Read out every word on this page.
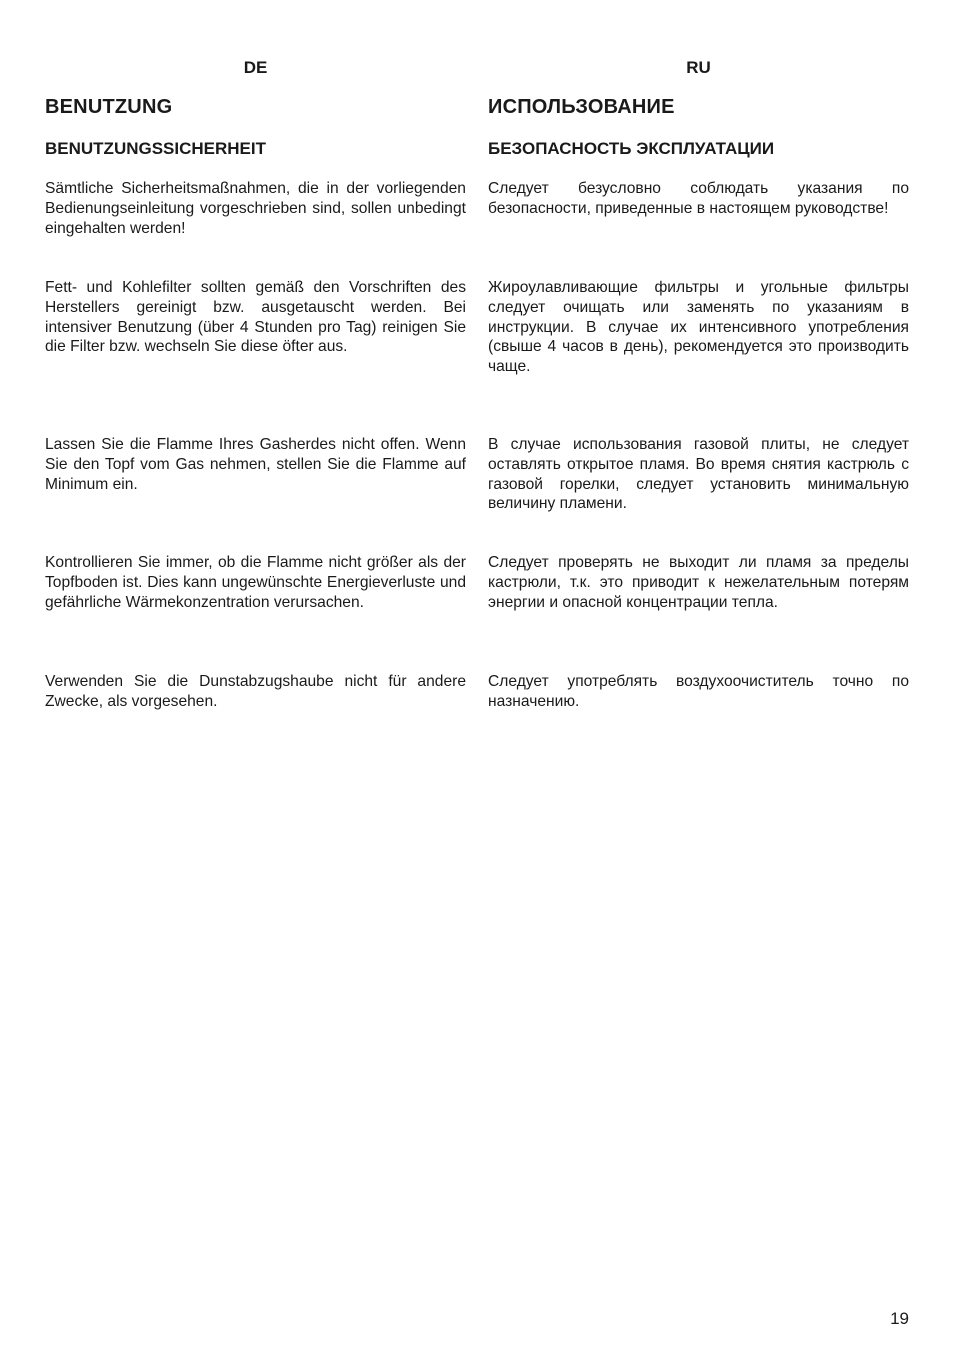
DE
BENUTZUNG
BENUTZUNGSSICHERHEIT

Sämtliche Sicherheitsmaßnahmen, die in der vorliegenden Bedienungseinleitung vorgeschrieben sind, sollen unbedingt eingehalten werden!

Fett- und Kohlefilter sollten gemäß den Vorschriften des Herstellers gereinigt bzw. ausgetauscht werden. Bei intensiver Benutzung (über 4 Stunden pro Tag) reinigen Sie die Filter bzw. wechseln Sie diese öfter aus.

Lassen Sie die Flamme Ihres Gasherdes nicht offen. Wenn Sie den Topf vom Gas nehmen, stellen Sie die Flamme auf Minimum ein.

Kontrollieren Sie immer, ob die Flamme nicht größer als der Topfboden ist. Dies kann ungewünschte Energieverluste und gefährliche Wärmekonzentration verursachen.

Verwenden Sie die Dunstabzugshaube nicht für andere Zwecke, als vorgesehen.

RU
ИСПОЛЬЗОВАНИЕ
БЕЗОПАСНОСТЬ ЭКСПЛУАТАЦИИ

Следует безусловно соблюдать указания по безопасности, приведенные в настоящем руководстве!

Жироулавливающие фильтры и угольные фильтры следует очищать или заменять по указаниям в инструкции. В случае их интенсивного употребления (свыше 4 часов в день), рекомендуется это производить чаще.

В случае использования газовой плиты, не следует оставлять открытое пламя. Во время снятия кастрюль с газовой горелки, следует установить минимальную величину пламени.

Следует проверять не выходит ли пламя за пределы кастрюли, т.к. это приводит к нежелательным потерям энергии и опасной концентрации тепла.

Следует употреблять воздухоочиститель точно по назначению.

19
